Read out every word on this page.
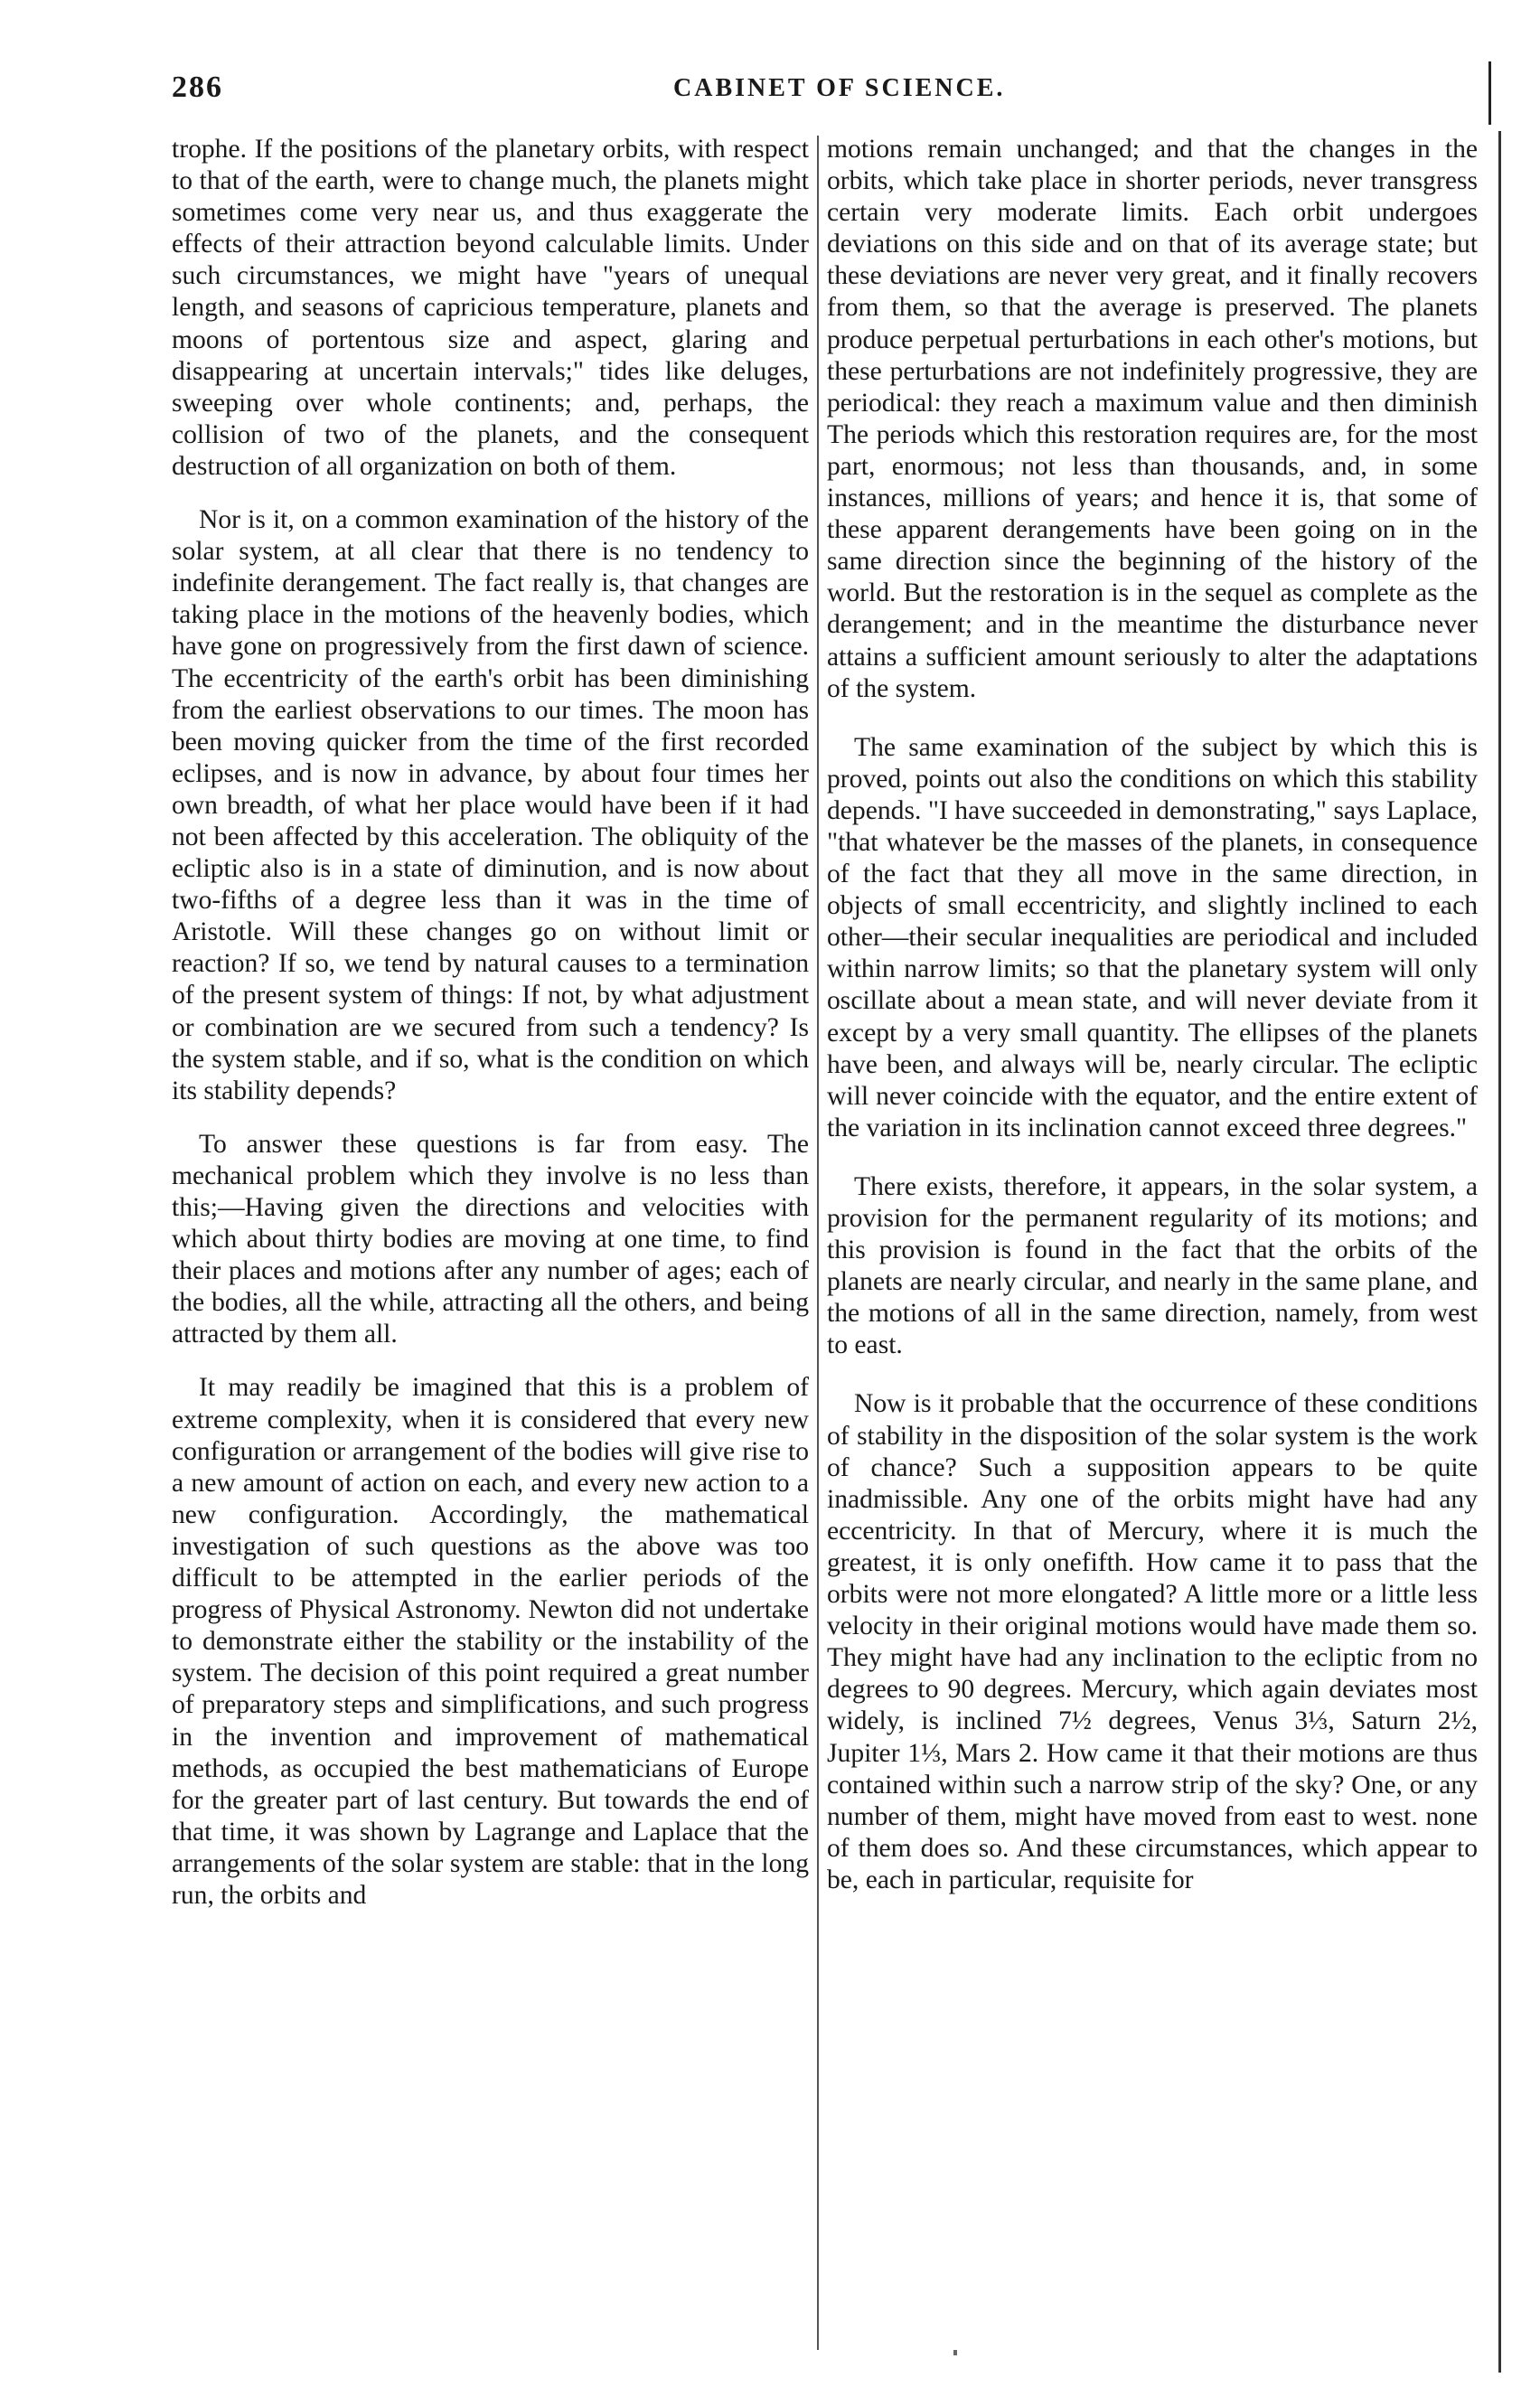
286	CABINET OF SCIENCE.

trophe. If the positions of the planetary orbits, with respect to that of the earth, were to change much, the planets might sometimes come very near us, and thus exaggerate the effects of their attraction beyond calculable limits. Under such circumstances, we might have "years of unequal length, and seasons of capricious temperature, planets and moons of portentous size and aspect, glaring and disappearing at uncertain intervals;" tides like deluges, sweeping over whole continents; and, perhaps, the collision of two of the planets, and the consequent destruction of all organization on both of them.

Nor is it, on a common examination of the history of the solar system, at all clear that there is no tendency to indefinite derangement. The fact really is, that changes are taking place in the motions of the heavenly bodies, which have gone on progressively from the first dawn of science. The eccentricity of the earth's orbit has been diminishing from the earliest observations to our times. The moon has been moving quicker from the time of the first recorded eclipses, and is now in advance, by about four times her own breadth, of what her place would have been if it had not been affected by this acceleration. The obliquity of the ecliptic also is in a state of diminution, and is now about two-fifths of a degree less than it was in the time of Aristotle. Will these changes go on without limit or reaction? If so, we tend by natural causes to a termination of the present system of things: If not, by what adjustment or combination are we secured from such a tendency? Is the system stable, and if so, what is the condition on which its stability depends?

To answer these questions is far from easy. The mechanical problem which they involve is no less than this;—Having given the directions and velocities with which about thirty bodies are moving at one time, to find their places and motions after any number of ages; each of the bodies, all the while, attracting all the others, and being attracted by them all.

It may readily be imagined that this is a problem of extreme complexity, when it is considered that every new configuration or arrangement of the bodies will give rise to a new amount of action on each, and every new action to a new configuration. Accordingly, the mathematical investigation of such questions as the above was too difficult to be attempted in the earlier periods of the progress of Physical Astronomy. Newton did not undertake to demonstrate either the stability or the instability of the system. The decision of this point required a great number of preparatory steps and simplifications, and such progress in the invention and improvement of mathematical methods, as occupied the best mathematicians of Europe for the greater part of last century. But towards the end of that time, it was shown by Lagrange and Laplace that the arrangements of the solar system are stable: that in the long run, the orbits and

motions remain unchanged; and that the changes in the orbits, which take place in shorter periods, never transgress certain very moderate limits. Each orbit undergoes deviations on this side and on that of its average state; but these deviations are never very great, and it finally recovers from them, so that the average is preserved. The planets produce perpetual perturbations in each other's motions, but these perturbations are not indefinitely progressive, they are periodical: they reach a maximum value and then diminish The periods which this restoration requires are, for the most part, enormous; not less than thousands, and, in some instances, millions of years; and hence it is, that some of these apparent derangements have been going on in the same direction since the beginning of the history of the world. But the restoration is in the sequel as complete as the derangement; and in the meantime the disturbance never attains a sufficient amount seriously to alter the adaptations of the system.

The same examination of the subject by which this is proved, points out also the conditions on which this stability depends. "I have succeeded in demonstrating," says Laplace, "that whatever be the masses of the planets, in consequence of the fact that they all move in the same direction, in objects of small eccentricity, and slightly inclined to each other—their secular inequalities are periodical and included within narrow limits; so that the planetary system will only oscillate about a mean state, and will never deviate from it except by a very small quantity. The ellipses of the planets have been, and always will be, nearly circular. The ecliptic will never coincide with the equator, and the entire extent of the variation in its inclination cannot exceed three degrees."

There exists, therefore, it appears, in the solar system, a provision for the permanent regularity of its motions; and this provision is found in the fact that the orbits of the planets are nearly circular, and nearly in the same plane, and the motions of all in the same direction, namely, from west to east.

Now is it probable that the occurrence of these conditions of stability in the disposition of the solar system is the work of chance? Such a supposition appears to be quite inadmissible. Any one of the orbits might have had any eccentricity. In that of Mercury, where it is much the greatest, it is only onefifth. How came it to pass that the orbits were not more elongated? A little more or a little less velocity in their original motions would have made them so. They might have had any inclination to the ecliptic from no degrees to 90 degrees. Mercury, which again deviates most widely, is inclined 7½ degrees, Venus 3⅓, Saturn 2½, Jupiter 1⅓, Mars 2. How came it that their motions are thus contained within such a narrow strip of the sky? One, or any number of them, might have moved from east to west. none of them does so. And these circumstances, which appear to be, each in particular, requisite for
